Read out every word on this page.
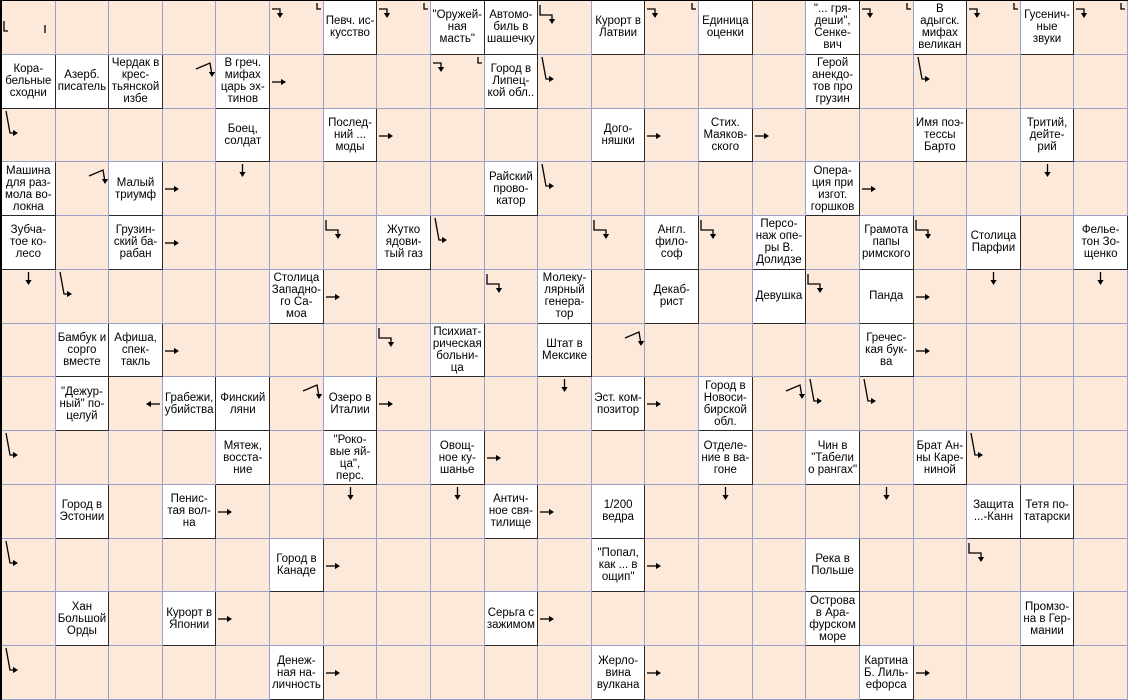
Певч. ис-
кусство
"Оружей-
ная
масть"
Автомо-
биль в
шашечку
Курорт в
Латвии
Единица
оценки
"... гря-
деши",
Сенке-
вич
В
адыгск.
мифах
великан
Гусенич-
ные
звуки
Кора-
бельные
сходни
Азерб.
писатель
Чердак в
крес-
тьянской
избе
В греч.
мифах
царь эх-
тинов
Город в
Липец-
кой обл..
Герой
анекдо-
тов про
грузин
Боец,
солдат
Послед-
ний ...
моды
Дого-
няшки
Стих.
Маяков-
ского
Имя поэ-
тессы
Барто
Тритий,
дейте-
рий
Машина
для раз-
мола во-
локна
Малый
триумф
Райский
прово-
катор
Опера-
ция при
изгот.
горшков
Зубча-
тое ко-
лесо
Грузин-
ский ба-
рабан
Жутко
ядови-
тый газ
Англ.
фило-
соф
Персо-
наж опе-
ры В.
Долидзе
Грамота
папы
римского
Столица
Парфии
Фелье-
тон Зо-
щенко
Столица
Западно-
го Са-
моа
Молеку-
лярный
генера-
тор
Декаб-
рист	Девушка	Панда
Бамбук и
сорго
вместе
Афиша,
спек-
такль
Психиат-
рическая
больни-
ца
Штат в
Мексике
Гречес-
кая бук-
ва
"Дежур-
ный" по-
целуй
Грабежи,
убийства
Финский
ляни
Озеро в
Италии
Эст. ком-
позитор
Город в
Новоси-
бирской
обл.
Мятеж,
восста-
ние
"Роко-
вые яй-
ца", перс.
Овощ-
ное ку-
шанье
Отделе-
ние в ва-
гоне
Чин в
"Табели
о рангах"
Брат Ан-
ны Каре-
ниной
Город в
Эстонии
Пенис-
тая вол-
на
Антич-
ное свя-
тилище
1/200
ведра
Защита
...-Канн
Тетя по-
татарски
Город в
Канаде
"Попал,
как ... в
ощип"
Река в
Польше
Хан
Большой
Орды
Курорт в
Японии
Серьга с
зажимом
Острова
в Ара-
фурском
море
Промзо-
на в Гер-
мании
Денеж-
ная на-
личность
Жерло-
вина
вулкана
Картина
Б. Лиль-
ефорса
